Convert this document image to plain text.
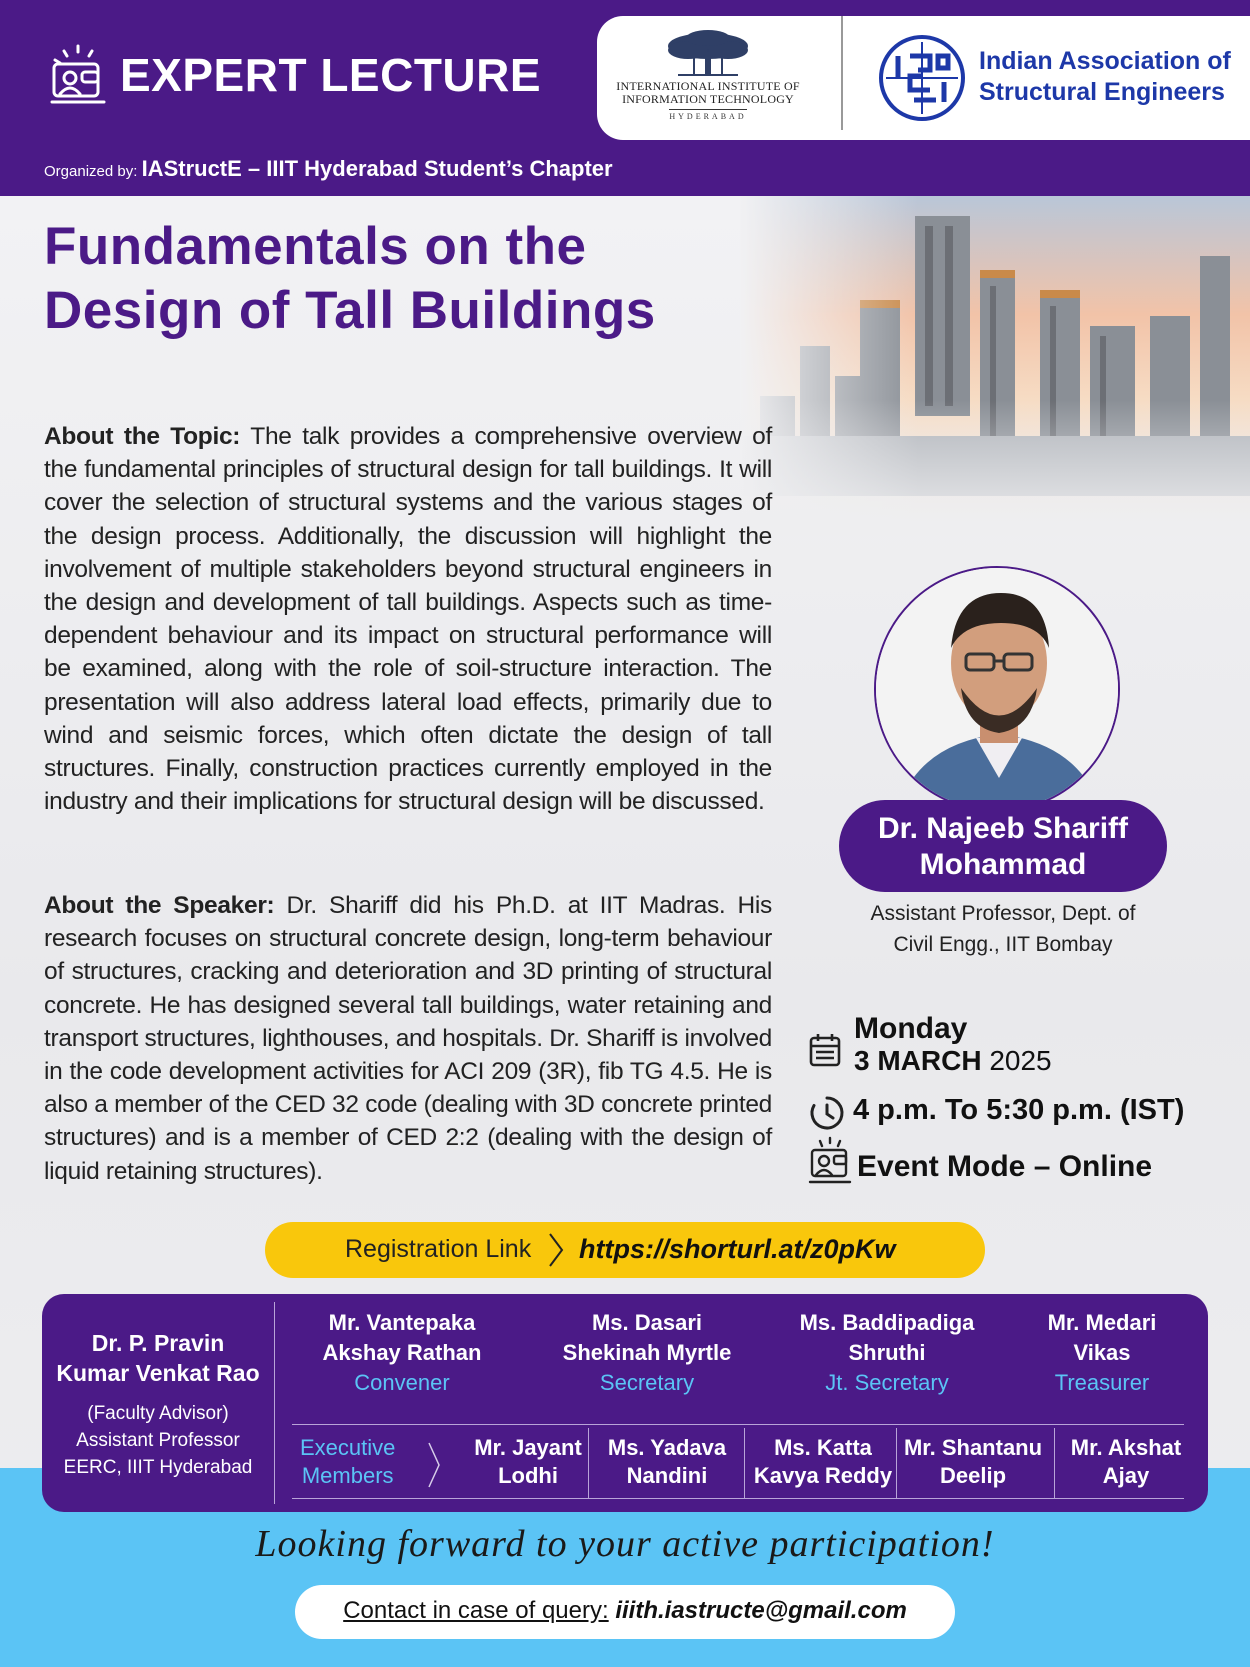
EXPERT LECTURE	INTERNATIONAL INSTITUTE OF
INFORMATION TECHNOLOGY
HYDERABAD
Indian Association of
Structural Engineers
Organized by: IAStructE – IIIT Hyderabad Student’s Chapter
Fundamentals on the
Design of Tall Buildings
About the Topic: The talk provides a comprehensive overview of the fundamental principles of structural design for tall buildings. It will cover the selection of structural systems and the various stages of the design process. Additionally, the discussion will highlight the involvement of multiple stakeholders beyond structural engineers in the design and development of tall buildings. Aspects such as time-dependent behaviour and its impact on structural performance will be examined, along with the role of soil-structure interaction. The presentation will also address lateral load effects, primarily due to wind and seismic forces, which often dictate the design of tall structures. Finally, construction practices currently employed in the industry and their implications for structural design will be discussed.
About the Speaker: Dr. Shariff did his Ph.D. at IIT Madras. His research focuses on structural concrete design, long-term behaviour of structures, cracking and deterioration and 3D printing of structural concrete. He has designed several tall buildings, water retaining and transport structures, lighthouses, and hospitals. Dr. Shariff is involved in the code development activities for ACI 209 (3R), fib TG 4.5. He is also a member of the CED 32 code (dealing with 3D concrete printed structures) and is a member of CED 2:2 (dealing with the design of liquid retaining structures).
Dr. Najeeb Shariff
Mohammad
Assistant Professor, Dept. of
Civil Engg., IIT Bombay
Monday
3 MARCH 2025
4 p.m. To 5:30 p.m. (IST)
Event Mode – Online
Registration Link https://shorturl.at/z0pKw
Dr. P. Pravin
Kumar Venkat Rao
(Faculty Advisor)
Assistant Professor
EERC, IIIT Hyderabad
Mr. Vantepaka
Akshay Rathan
Convener
Ms. Dasari
Shekinah Myrtle
Secretary
Ms. Baddipadiga
Shruthi
Jt. Secretary
Mr. Medari
Vikas
Treasurer
Executive
Members
Mr. Jayant
Lodhi
Ms. Yadava
Nandini
Ms. Katta
Kavya Reddy
Mr. Shantanu
Deelip
Mr. Akshat
Ajay
Looking forward to your active participation!
Contact in case of query: iiith.iastructe@gmail.com
